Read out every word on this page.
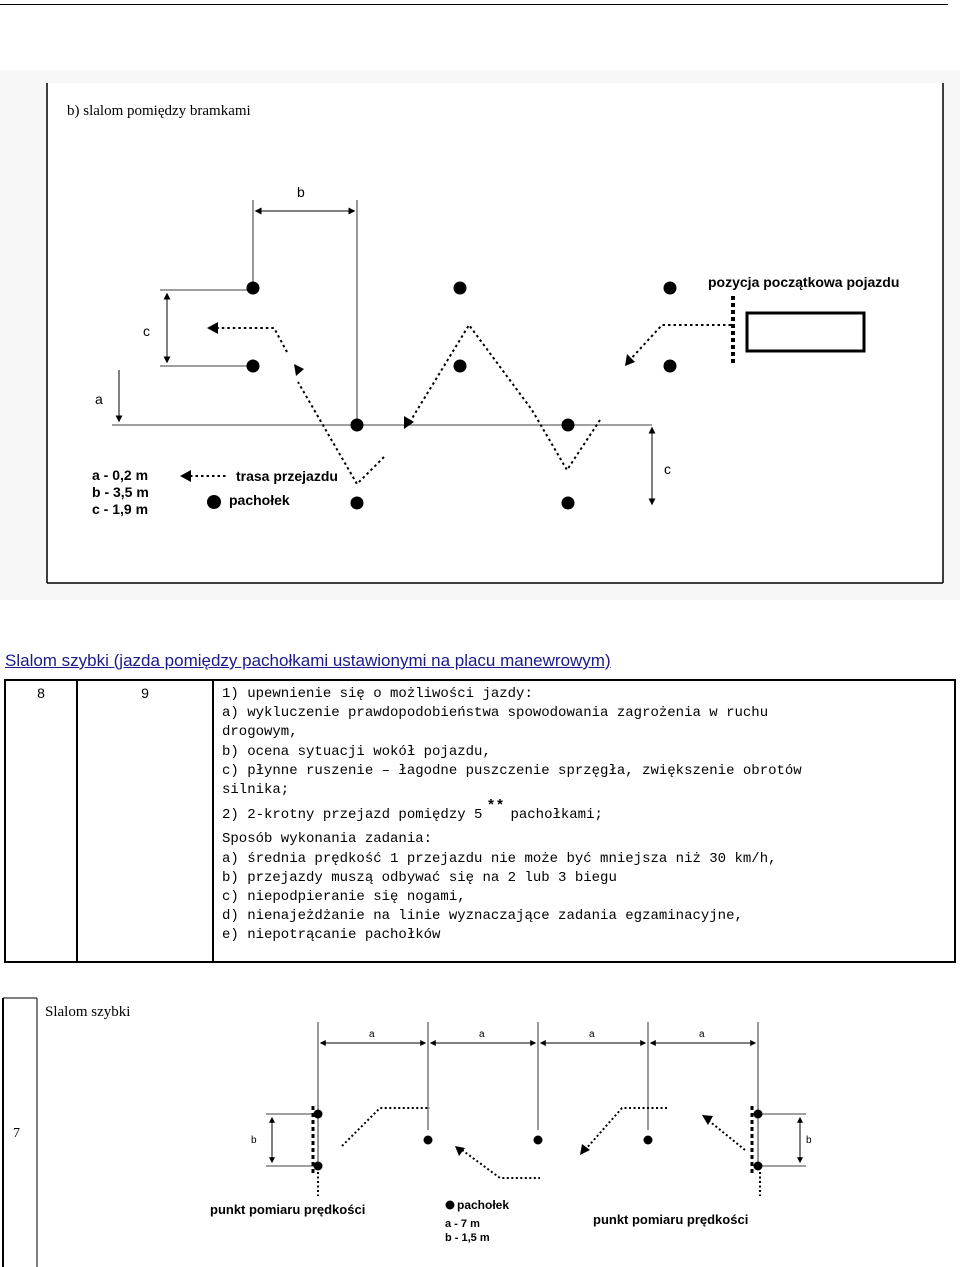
b) slalom pomiędzy bramkami
b
c
a
c
pozycja początkowa pojazdu
trasa przejazdu
pachołek
a - 0,2 m
b - 3,5 m
c - 1,9 m
Slalom szybki (jazda pomiędzy pachołkami ustawionymi na placu manewrowym)
8	9	1) upewnienie się o możliwości jazdy:
a) wykluczenie prawdopodobieństwa spowodowania zagrożenia w ruchu
drogowym,
b) ocena sytuacji wokół pojazdu,
c) płynne ruszenie – łagodne puszczenie sprzęgła, zwiększenie obrotów
silnika;
2) 2-krotny przejazd pomiędzy 5 ** pachołkami;
Sposób wykonania zadania:
a) średnia prędkość 1 przejazdu nie może być mniejsza niż 30 km/h,
b) przejazdy muszą odbywać się na 2 lub 3 biegu
c) niepodpieranie się nogami,
d) nienajeżdżanie na linie wyznaczające zadania egzaminacyjne,
e) niepotrącanie pachołków
7
Slalom szybki
a	a	a	a
b	b
punkt pomiaru prędkości
punkt pomiaru prędkości
pachołek
a - 7 m
b - 1,5 m
